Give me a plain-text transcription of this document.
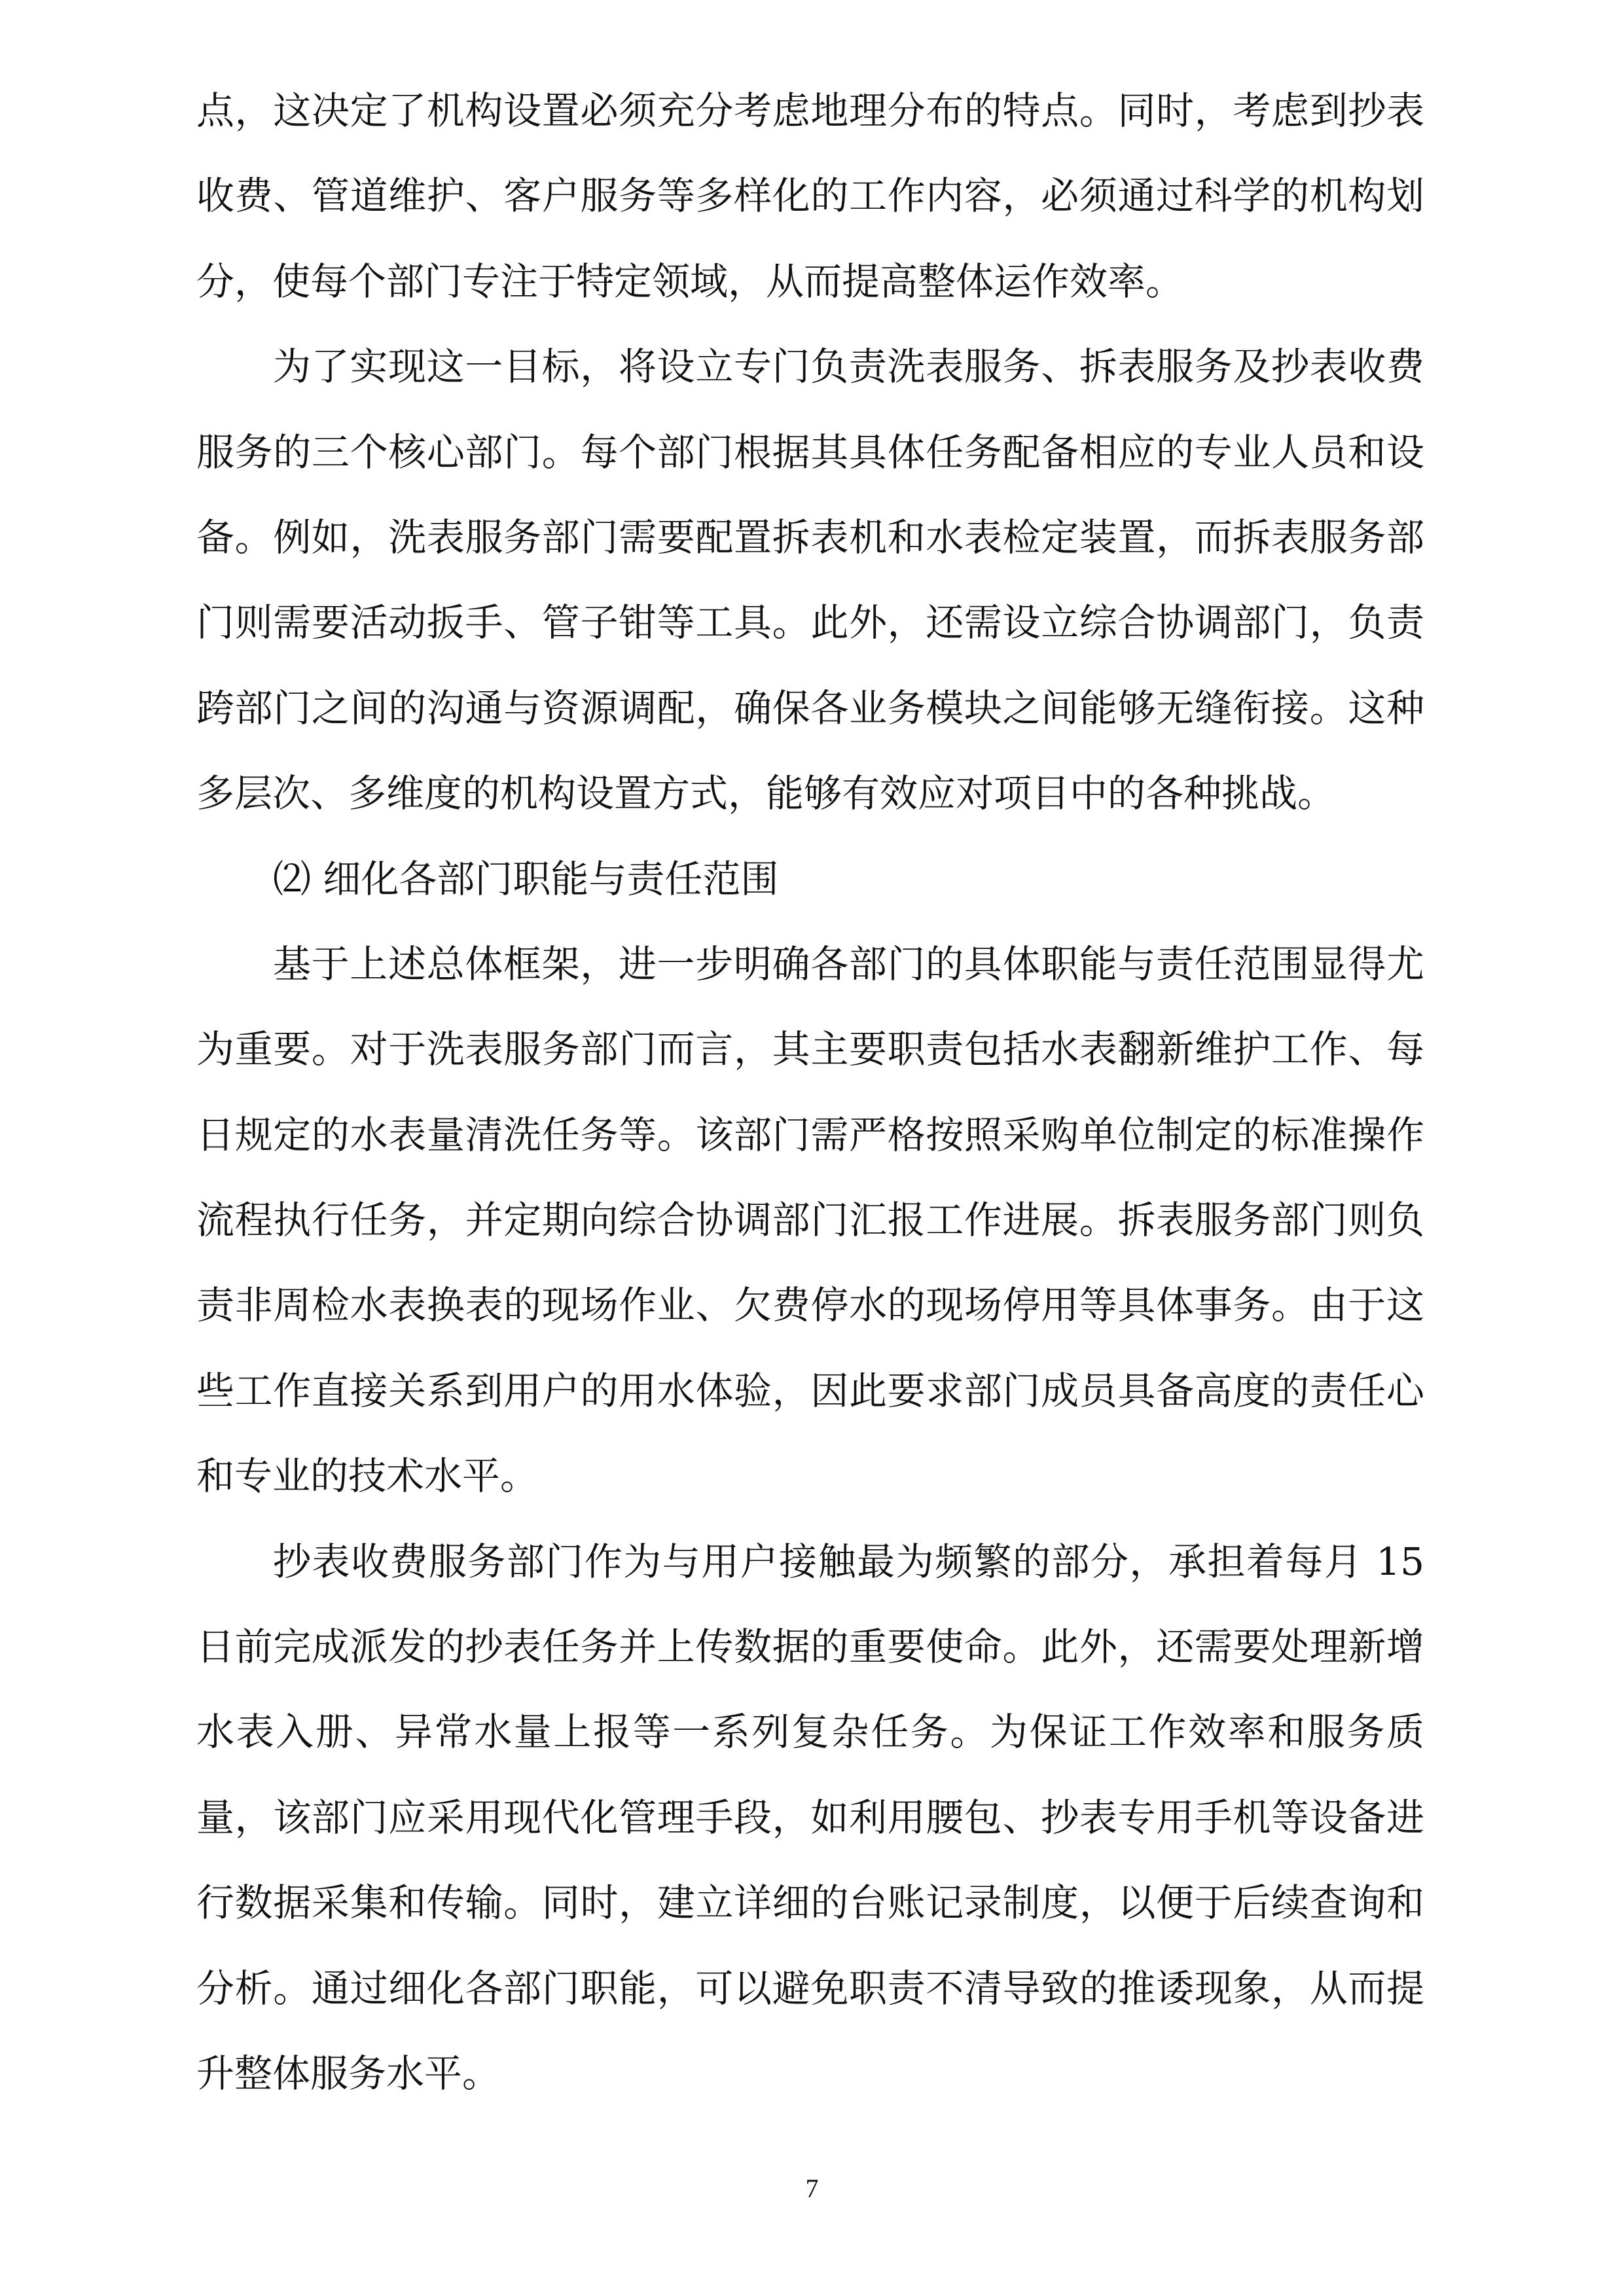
点，这决定了机构设置必须充分考虑地理分布的特点。同时，考虑到抄表
收费、管道维护、客户服务等多样化的工作内容，必须通过科学的机构划
分，使每个部门专注于特定领域，从而提高整体运作效率。
为了实现这一目标，将设立专门负责洗表服务、拆表服务及抄表收费
服务的三个核心部门。每个部门根据其具体任务配备相应的专业人员和设
备。例如，洗表服务部门需要配置拆表机和水表检定装置，而拆表服务部
门则需要活动扳手、管子钳等工具。此外，还需设立综合协调部门，负责
跨部门之间的沟通与资源调配，确保各业务模块之间能够无缝衔接。这种
多层次、多维度的机构设置方式，能够有效应对项目中的各种挑战。
⑵ 细化各部门职能与责任范围
基于上述总体框架，进一步明确各部门的具体职能与责任范围显得尤
为重要。对于洗表服务部门而言，其主要职责包括水表翻新维护工作、每
日规定的水表量清洗任务等。该部门需严格按照采购单位制定的标准操作
流程执行任务，并定期向综合协调部门汇报工作进展。拆表服务部门则负
责非周检水表换表的现场作业、欠费停水的现场停用等具体事务。由于这
些工作直接关系到用户的用水体验，因此要求部门成员具备高度的责任心
和专业的技术水平。
抄表收费服务部门作为与用户接触最为频繁的部分，承担着每月 15
日前完成派发的抄表任务并上传数据的重要使命。此外，还需要处理新增
水表入册、异常水量上报等一系列复杂任务。为保证工作效率和服务质
量，该部门应采用现代化管理手段，如利用腰包、抄表专用手机等设备进
行数据采集和传输。同时，建立详细的台账记录制度，以便于后续查询和
分析。通过细化各部门职能，可以避免职责不清导致的推诿现象，从而提
升整体服务水平。
7
